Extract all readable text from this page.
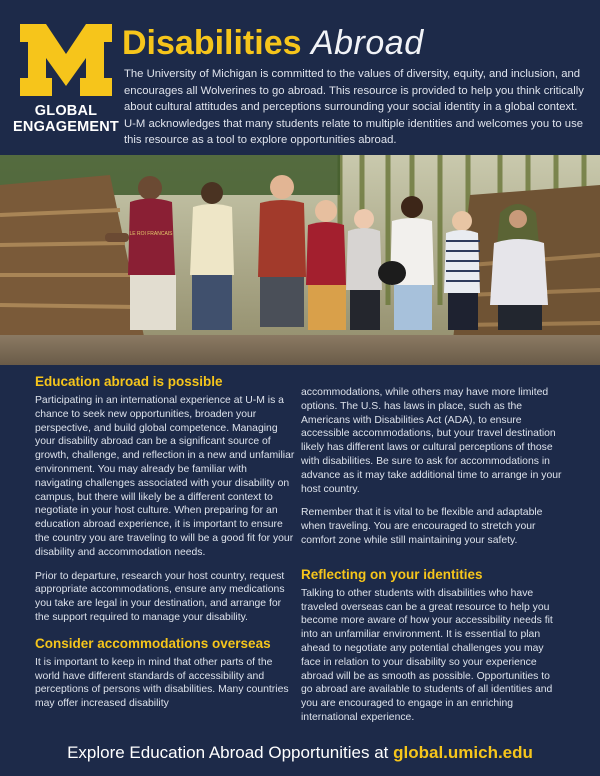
GLOBAL
ENGAGEMENT
Disabilities Abroad

The University of Michigan is committed to the values of diversity, equity, and inclusion, and encourages all Wolverines to go abroad. This resource is provided to help you think critically about cultural attitudes and perceptions surrounding your social identity in a global context. U-M acknowledges that many students relate to multiple identities and welcomes you to use this resource as a tool to explore opportunities abroad.

LE ROI FRANCAIS
Education abroad is possible

Participating in an international experience at U-M is a chance to seek new opportunities, broaden your perspective, and build global competence. Managing your disability abroad can be a significant source of growth, challenge, and reflection in a new and unfamiliar environment. You may already be familiar with navigating challenges associated with your disability on campus, but there will likely be a different context to negotiate in your host culture. When preparing for an education abroad experience, it is important to ensure the country you are traveling to will be a good fit for your disability and accommodation needs.

Prior to departure, research your host country, request appropriate accommodations, ensure any medications you take are legal in your destination, and arrange for the support required to manage your disability.

Consider accommodations overseas

It is important to keep in mind that other parts of the world have different standards of accessibility and perceptions of persons with disabilities. Many countries may offer increased disability

accommodations, while others may have more limited options. The U.S. has laws in place, such as the Americans with Disabilities Act (ADA), to ensure accessible accommodations, but your travel destination likely has different laws or cultural perceptions of those with disabilities. Be sure to ask for accommodations in advance as it may take additional time to arrange in your host country.

Remember that it is vital to be flexible and adaptable when traveling. You are encouraged to stretch your comfort zone while still maintaining your safety.

Reflecting on your identities

Talking to other students with disabilities who have traveled overseas can be a great resource to help you become more aware of how your accessibility needs fit into an unfamiliar environment. It is essential to plan ahead to negotiate any potential challenges you may face in relation to your disability so your experience abroad will be as smooth as possible. Opportunities to go abroad are available to students of all identities and you are encouraged to engage in an enriching international experience.

Explore Education Abroad Opportunities at global.umich.edu
